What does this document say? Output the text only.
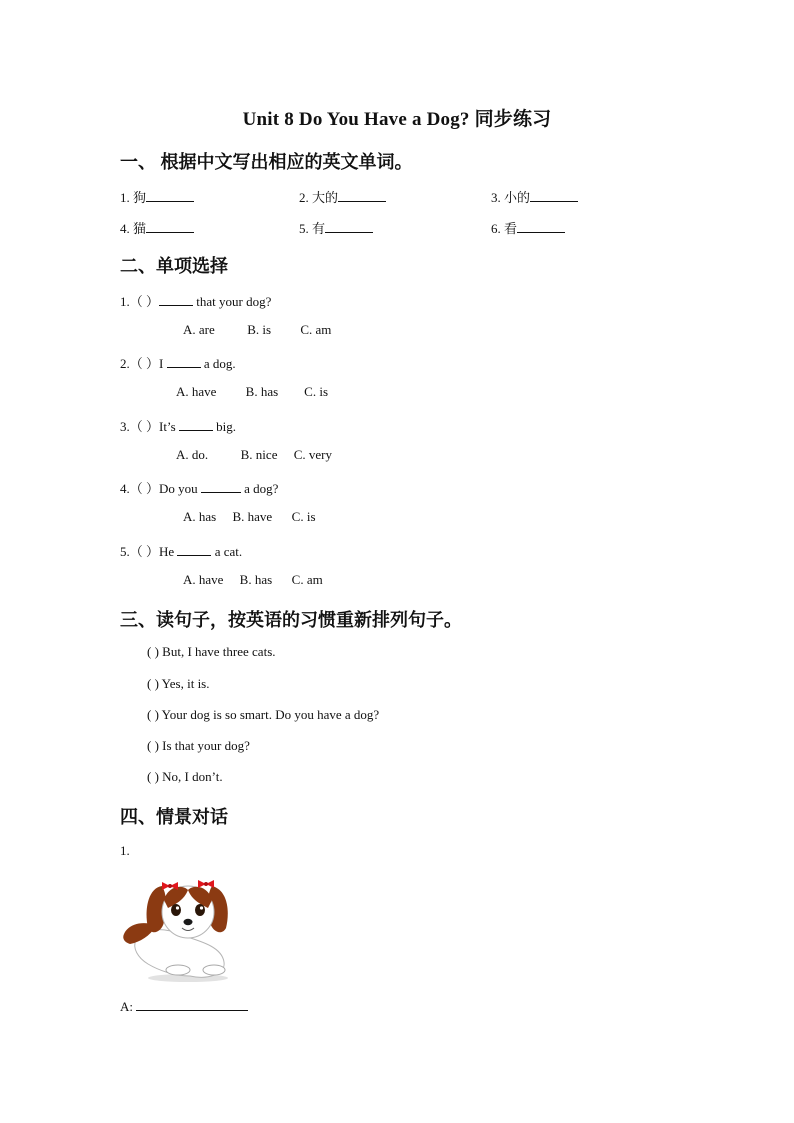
Unit 8 Do You Have a Dog? 同步练习
一、 根据中文写出相应的英文单词。
1. 狗	2. 大的	3. 小的
4. 猫	5. 有	6. 看
二、单项选择
1.（ ）	that your dog?
A. are          B. is         C. am
2.（ ）I	a dog.
A. have         B. has        C. is
3.（ ）It’s	big.
A. do.          B. nice     C. very
4.（ ）Do you	a dog?
A. has     B. have      C. is
5.（ ）He	a cat.
A. have     B. has      C. am
三、读句子，按英语的习惯重新排列句子。
( ) But, I have three cats.
( ) Yes, it is.
( ) Your dog is so smart. Do you have a dog?
( ) Is that your dog?
( ) No, I don’t.
四、情景对话
1.
A:
